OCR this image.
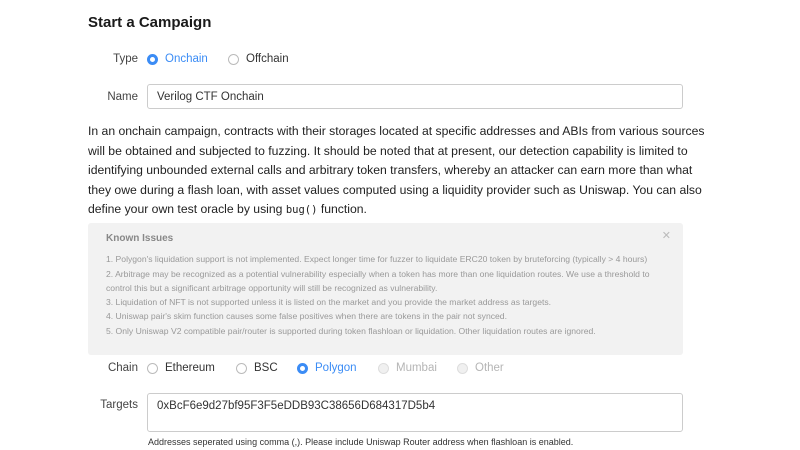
Start a Campaign
Type Onchain	Offchain
Name	Verilog CTF Onchain
In an onchain campaign, contracts with their storages located at specific addresses and ABIs from various sources will be obtained and subjected to fuzzing. It should be noted that at present, our detection capability is limited to identifying unbounded external calls and arbitrary token transfers, whereby an attacker can earn more than what they owe during a flash loan, with asset values computed using a liquidity provider such as Uniswap. You can also define your own test oracle by using bug() function.
Known Issues	✕
1. Polygon's liquidation support is not implemented. Expect longer time for fuzzer to liquidate ERC20 token by bruteforcing (typically > 4 hours)
2. Arbitrage may be recognized as a potential vulnerability especially when a token has more than one liquidation routes. We use a threshold to control this but a significant arbitrage opportunity will still be recognized as vulnerability.
3. Liquidation of NFT is not supported unless it is listed on the market and you provide the market address as targets.
4. Uniswap pair's skim function causes some false positives when there are tokens in the pair not synced.
5. Only Uniswap V2 compatible pair/router is supported during token flashloan or liquidation. Other liquidation routes are ignored.
Chain Ethereum	BSC	Polygon	Mumbai	Other
Targets	0xBcF6e9d27bf95F3F5eDDB93C38656D684317D5b4
Addresses seperated using comma (,). Please include Uniswap Router address when flashloan is enabled.
